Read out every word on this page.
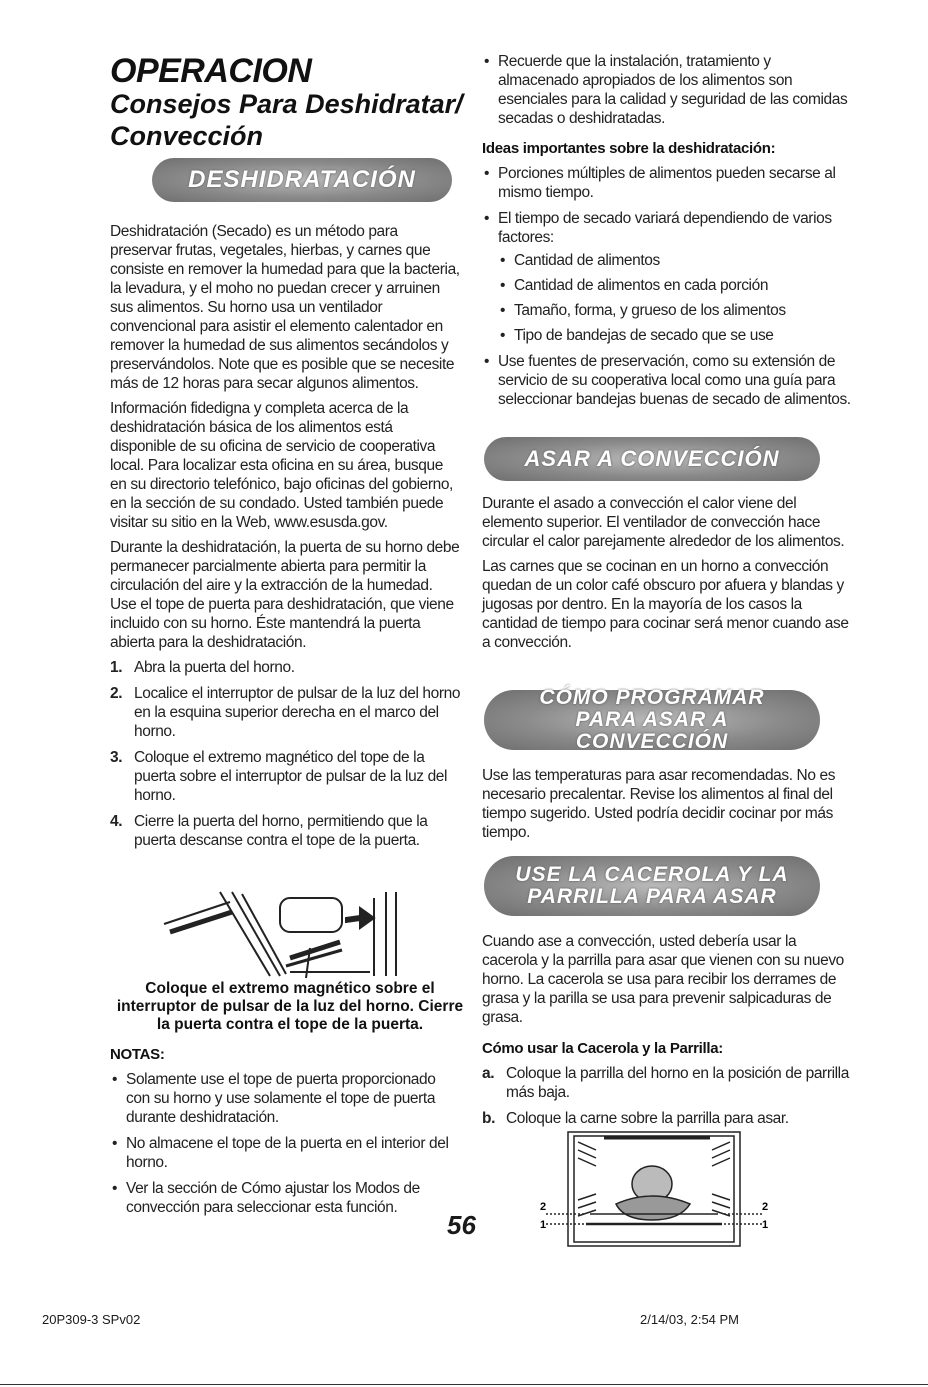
OPERACION
Consejos Para Deshidratar/ Convección
DESHIDRATACIÓN

Deshidratación (Secado) es un método para preservar frutas, vegetales, hierbas, y carnes que consiste en remover la humedad para que la bacteria, la levadura, y el moho no puedan crecer y arruinen sus alimentos. Su horno usa un ventilador convencional para asistir el elemento calentador en remover la humedad de sus alimentos secándolos y preservándolos. Note que es posible que se necesite más de 12 horas para secar algunos alimentos.

Información fidedigna y completa acerca de la deshidratación básica de los alimentos está disponible de su oficina de servicio de cooperativa local. Para localizar esta oficina en su área, busque en su directorio telefónico, bajo oficinas del gobierno, en la sección de su condado. Usted también puede visitar su sitio en la Web, www.esusda.gov.

Durante la deshidratación, la puerta de su horno debe permanecer parcialmente abierta para permitir la circulación del aire y la extracción de la humedad. Use el tope de puerta para deshidratación, que viene incluido con su horno. Éste mantendrá la puerta abierta para la deshidratación.

1. Abra la puerta del horno.
2. Localice el interruptor de pulsar de la luz del horno en la esquina superior derecha en el marco del horno.
3. Coloque el extremo magnético del tope de la puerta sobre el interruptor de pulsar de la luz del horno.
4. Cierre la puerta del horno, permitiendo que la puerta descanse contra el tope de la puerta.
Coloque el extremo magnético sobre el interruptor de pulsar de la luz del horno. Cierre la puerta contra el tope de la puerta.
NOTAS:
• Solamente use el tope de puerta proporcionado con su horno y use solamente el tope de puerta durante deshidratación.
• No almacene el tope de la puerta en el interior del horno.
• Ver la sección de Cómo ajustar los Modos de convección para seleccionar esta función.
• Recuerde que la instalación, tratamiento y almacenado apropiados de los alimentos son esenciales para la calidad y seguridad de las comidas secadas o deshidratadas.
Ideas importantes sobre la deshidratación:
• Porciones múltiples de alimentos pueden secarse al mismo tiempo.
• El tiempo de secado variará dependiendo de varios factores:
• Cantidad de alimentos
• Cantidad de alimentos en cada porción
• Tamaño, forma, y grueso de los alimentos
• Tipo de bandejas de secado que se use
• Use fuentes de preservación, como su extensión de servicio de su cooperativa local como una guía para seleccionar bandejas buenas de secado de alimentos.
ASAR A CONVECCIÓN

Durante el asado a convección el calor viene del elemento superior. El ventilador de convección hace circular el calor parejamente alrededor de los alimentos.

Las carnes que se cocinan en un horno a convección quedan de un color café obscuro por afuera y blandas y jugosas por dentro. En la mayoría de los casos la cantidad de tiempo para cocinar será menor cuando ase a convección.

CÓMO PROGRAMAR PARA ASAR A CONVECCIÓN

Use las temperaturas para asar recomendadas. No es necesario precalentar. Revise los alimentos al final del tiempo sugerido. Usted podría decidir cocinar por más tiempo.

USE LA CACEROLA Y LA PARRILLA PARA ASAR

Cuando ase a convección, usted debería usar la cacerola y la parrilla para asar que vienen con su nuevo horno. La cacerola se usa para recibir los derrames de grasa y la parilla se usa para prevenir salpicaduras de grasa.

Cómo usar la Cacerola y la Parrilla:
a. Coloque la parrilla del horno en la posición de parrilla más baja.
b. Coloque la carne sobre la parrilla para asar.
2
1
2
1
56
20P309-3 SPv02	2/14/03, 2:54 PM
